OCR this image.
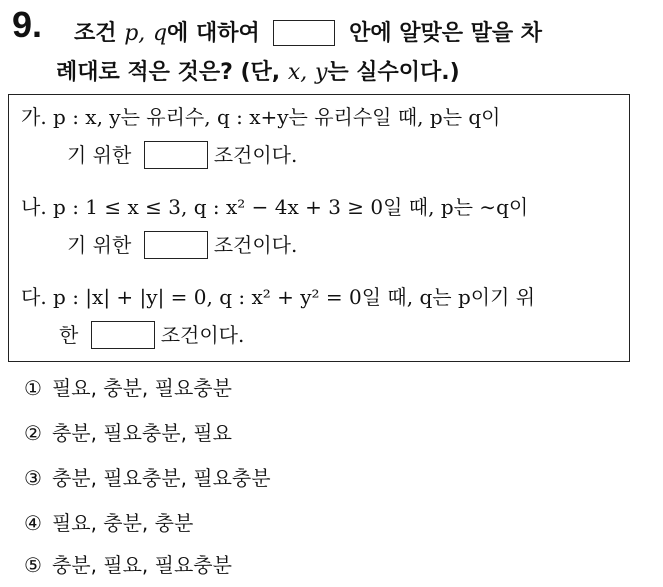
9. 조건 p, q에 대하여	안에 알맞은 말을 차
례대로 적은 것은? (단, x, y는 실수이다.)
가. p : x, y는 유리수, q : x+y는 유리수일 때, p는 q이
기 위한	조건이다.
나. p : 1 ≤ x ≤ 3, q : x² − 4x + 3 ≥ 0일 때, p는 ∼q이
기 위한	조건이다.
다. p : |x| + |y| = 0, q : x² + y² = 0일 때, q는 p이기 위
한	조건이다.
① 필요, 충분, 필요충분
② 충분, 필요충분, 필요
③ 충분, 필요충분, 필요충분
④ 필요, 충분, 충분
⑤ 충분, 필요, 필요충분
